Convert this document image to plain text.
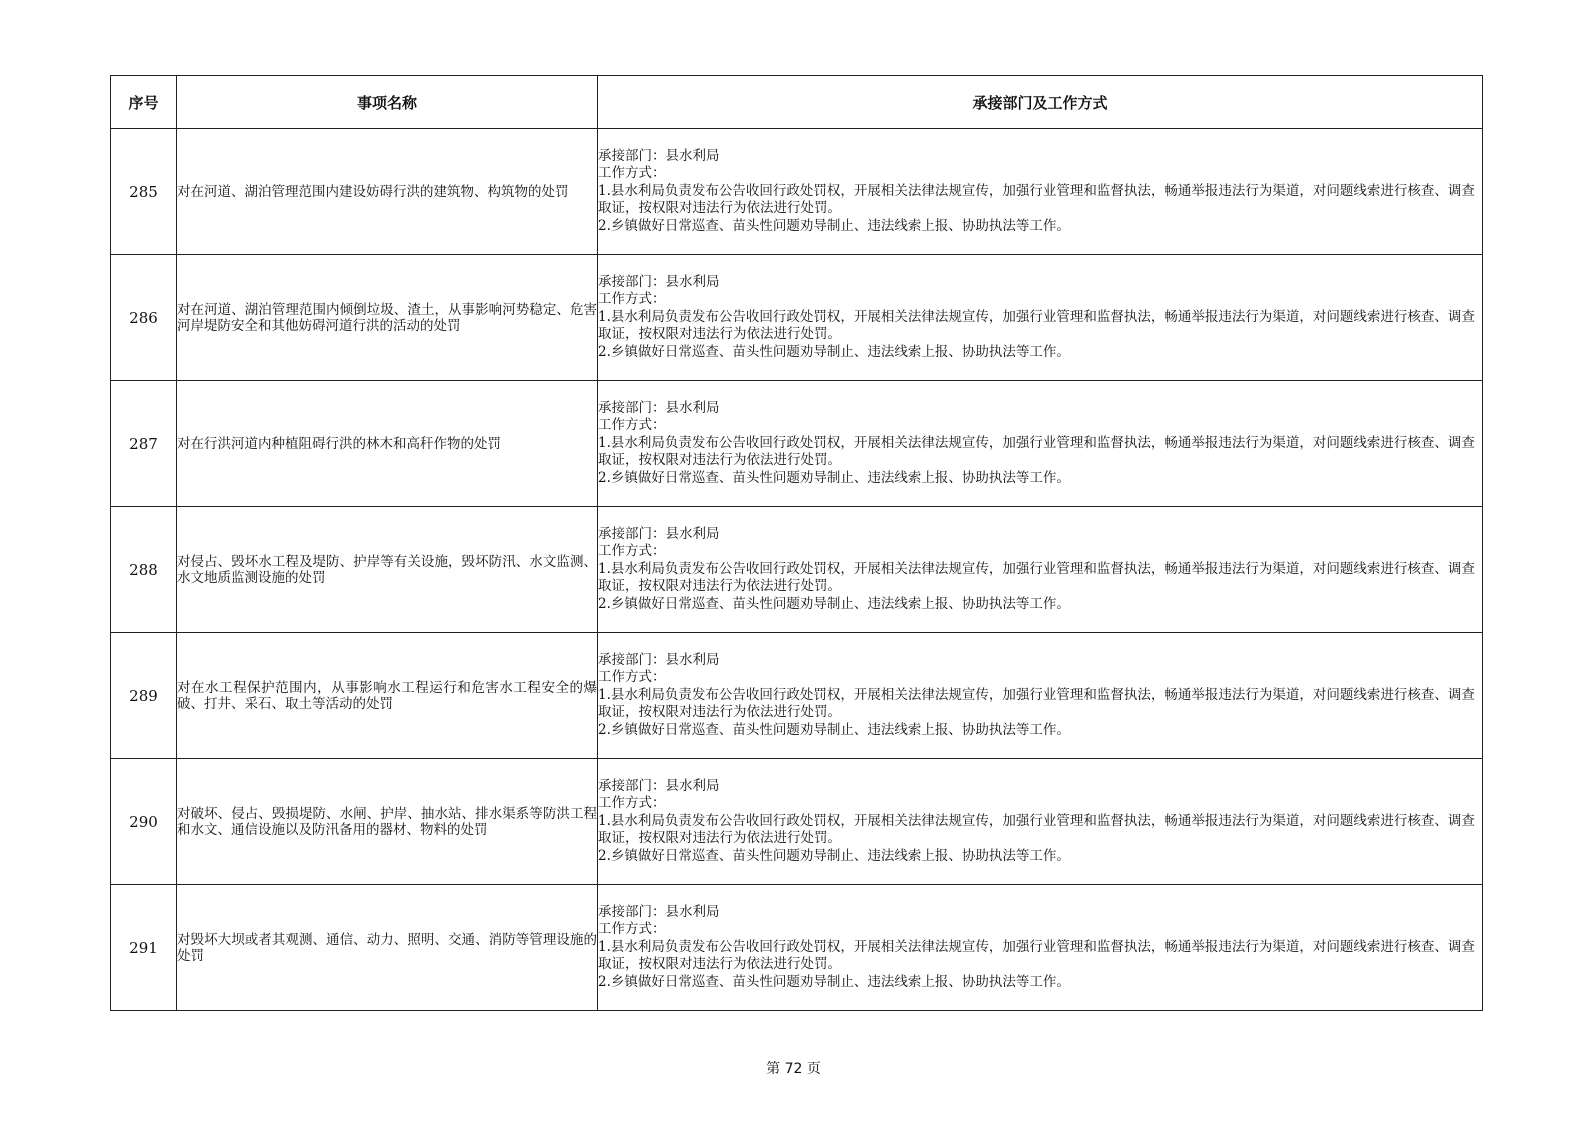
序号	事项名称	承接部门及工作方式
285	对在河道、湖泊管理范围内建设妨碍行洪的建筑物、构筑物的处罚	承接部门：县水利局
工作方式：
1.县水利局负责发布公告收回行政处罚权，开展相关法律法规宣传，加强行业管理和监督执法，畅通举报违法行为渠道，对问题线索进行核查、调查取证，按权限对违法行为依法进行处罚。
2.乡镇做好日常巡查、苗头性问题劝导制止、违法线索上报、协助执法等工作。

286	对在河道、湖泊管理范围内倾倒垃圾、渣土，从事影响河势稳定、危害河岸堤防安全和其他妨碍河道行洪的活动的处罚	承接部门：县水利局
工作方式：
1.县水利局负责发布公告收回行政处罚权，开展相关法律法规宣传，加强行业管理和监督执法，畅通举报违法行为渠道，对问题线索进行核查、调查取证，按权限对违法行为依法进行处罚。
2.乡镇做好日常巡查、苗头性问题劝导制止、违法线索上报、协助执法等工作。

287	对在行洪河道内种植阻碍行洪的林木和高秆作物的处罚	承接部门：县水利局
工作方式：
1.县水利局负责发布公告收回行政处罚权，开展相关法律法规宣传，加强行业管理和监督执法，畅通举报违法行为渠道，对问题线索进行核查、调查取证，按权限对违法行为依法进行处罚。
2.乡镇做好日常巡查、苗头性问题劝导制止、违法线索上报、协助执法等工作。

288	对侵占、毁坏水工程及堤防、护岸等有关设施，毁坏防汛、水文监测、水文地质监测设施的处罚	承接部门：县水利局
工作方式：
1.县水利局负责发布公告收回行政处罚权，开展相关法律法规宣传，加强行业管理和监督执法，畅通举报违法行为渠道，对问题线索进行核查、调查取证，按权限对违法行为依法进行处罚。
2.乡镇做好日常巡查、苗头性问题劝导制止、违法线索上报、协助执法等工作。

289	对在水工程保护范围内，从事影响水工程运行和危害水工程安全的爆破、打井、采石、取土等活动的处罚	承接部门：县水利局
工作方式：
1.县水利局负责发布公告收回行政处罚权，开展相关法律法规宣传，加强行业管理和监督执法，畅通举报违法行为渠道，对问题线索进行核查、调查取证，按权限对违法行为依法进行处罚。
2.乡镇做好日常巡查、苗头性问题劝导制止、违法线索上报、协助执法等工作。

290	对破坏、侵占、毁损堤防、水闸、护岸、抽水站、排水渠系等防洪工程和水文、通信设施以及防汛备用的器材、物料的处罚	承接部门：县水利局
工作方式：
1.县水利局负责发布公告收回行政处罚权，开展相关法律法规宣传，加强行业管理和监督执法，畅通举报违法行为渠道，对问题线索进行核查、调查取证，按权限对违法行为依法进行处罚。
2.乡镇做好日常巡查、苗头性问题劝导制止、违法线索上报、协助执法等工作。

291	对毁坏大坝或者其观测、通信、动力、照明、交通、消防等管理设施的处罚	承接部门：县水利局
工作方式：
1.县水利局负责发布公告收回行政处罚权，开展相关法律法规宣传，加强行业管理和监督执法，畅通举报违法行为渠道，对问题线索进行核查、调查取证，按权限对违法行为依法进行处罚。
2.乡镇做好日常巡查、苗头性问题劝导制止、违法线索上报、协助执法等工作。
第 72 页
